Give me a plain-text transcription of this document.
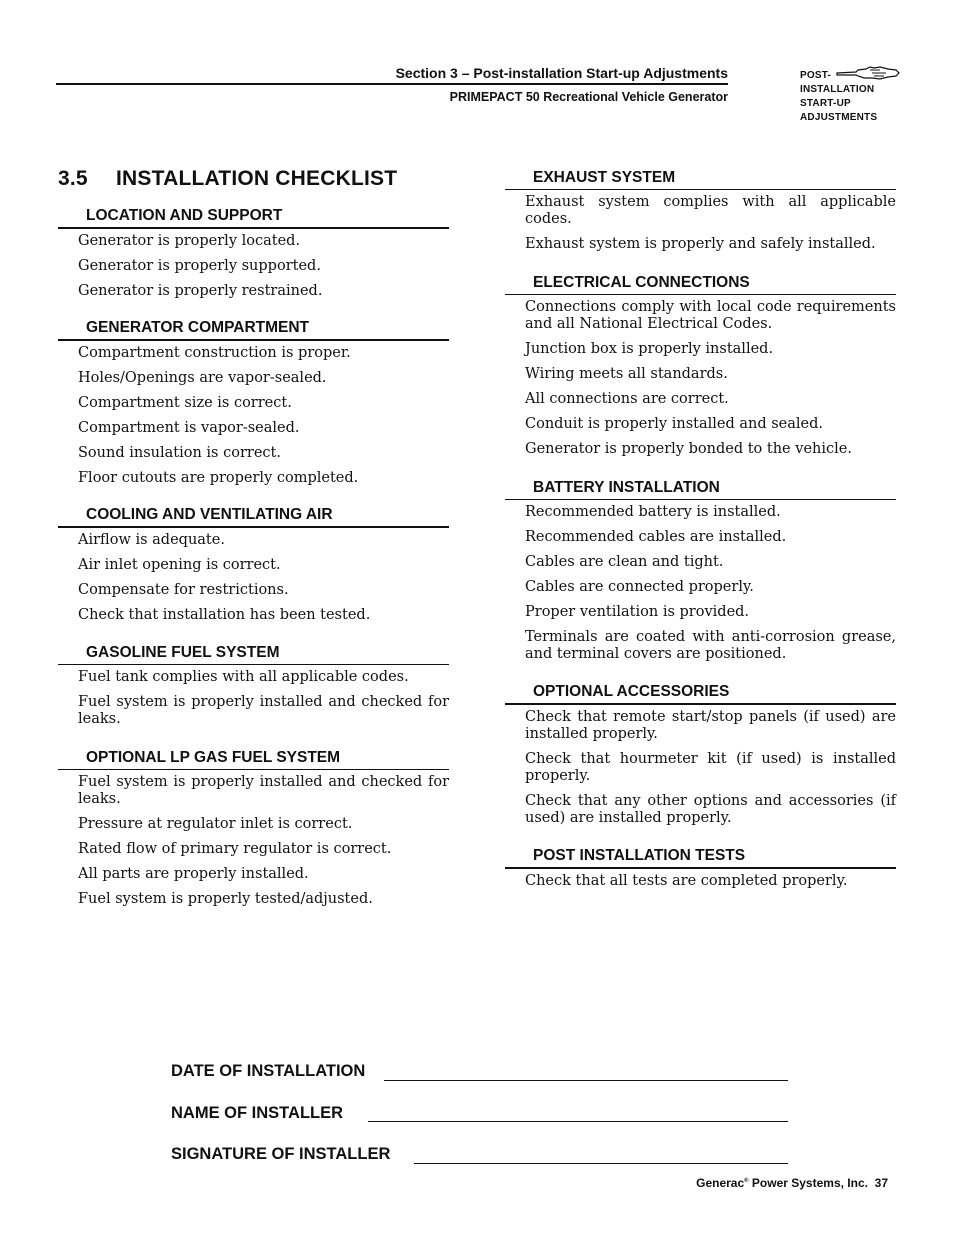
Section 3 – Post-installation Start-up Adjustments
PRIMEPACT 50 Recreational Vehicle Generator
POST-
INSTALLATION
START-UP
ADJUSTMENTS
3.5 INSTALLATION CHECKLIST
LOCATION AND SUPPORT
Generator is properly located.
Generator is properly supported.
Generator is properly restrained.
GENERATOR COMPARTMENT
Compartment construction is proper.
Holes/Openings are vapor-sealed.
Compartment size is correct.
Compartment is vapor-sealed.
Sound insulation is correct.
Floor cutouts are properly completed.
COOLING AND VENTILATING AIR
Airflow is adequate.
Air inlet opening is correct.
Compensate for restrictions.
Check that installation has been tested.
GASOLINE FUEL SYSTEM
Fuel tank complies with all applicable codes.
Fuel system is properly installed and checked for leaks.
OPTIONAL LP GAS FUEL SYSTEM
Fuel system is properly installed and checked for leaks.
Pressure at regulator inlet is correct.
Rated flow of primary regulator is correct.
All parts are properly installed.
Fuel system is properly tested/adjusted.
EXHAUST SYSTEM
Exhaust system complies with all applicable codes.
Exhaust system is properly and safely installed.
ELECTRICAL CONNECTIONS
Connections comply with local code requirements and all National Electrical Codes.
Junction box is properly installed.
Wiring meets all standards.
All connections are correct.
Conduit is properly installed and sealed.
Generator is properly bonded to the vehicle.
BATTERY INSTALLATION
Recommended battery is installed.
Recommended cables are installed.
Cables are clean and tight.
Cables are connected properly.
Proper ventilation is provided.
Terminals are coated with anti-corrosion grease, and terminal covers are positioned.
OPTIONAL ACCESSORIES
Check that remote start/stop panels (if used) are installed properly.
Check that hourmeter kit (if used) is installed properly.
Check that any other options and accessories (if used) are installed properly.
POST INSTALLATION TESTS
Check that all tests are completed properly.
DATE OF INSTALLATION
NAME OF INSTALLER
SIGNATURE OF INSTALLER
Generac® Power Systems, Inc. 37
